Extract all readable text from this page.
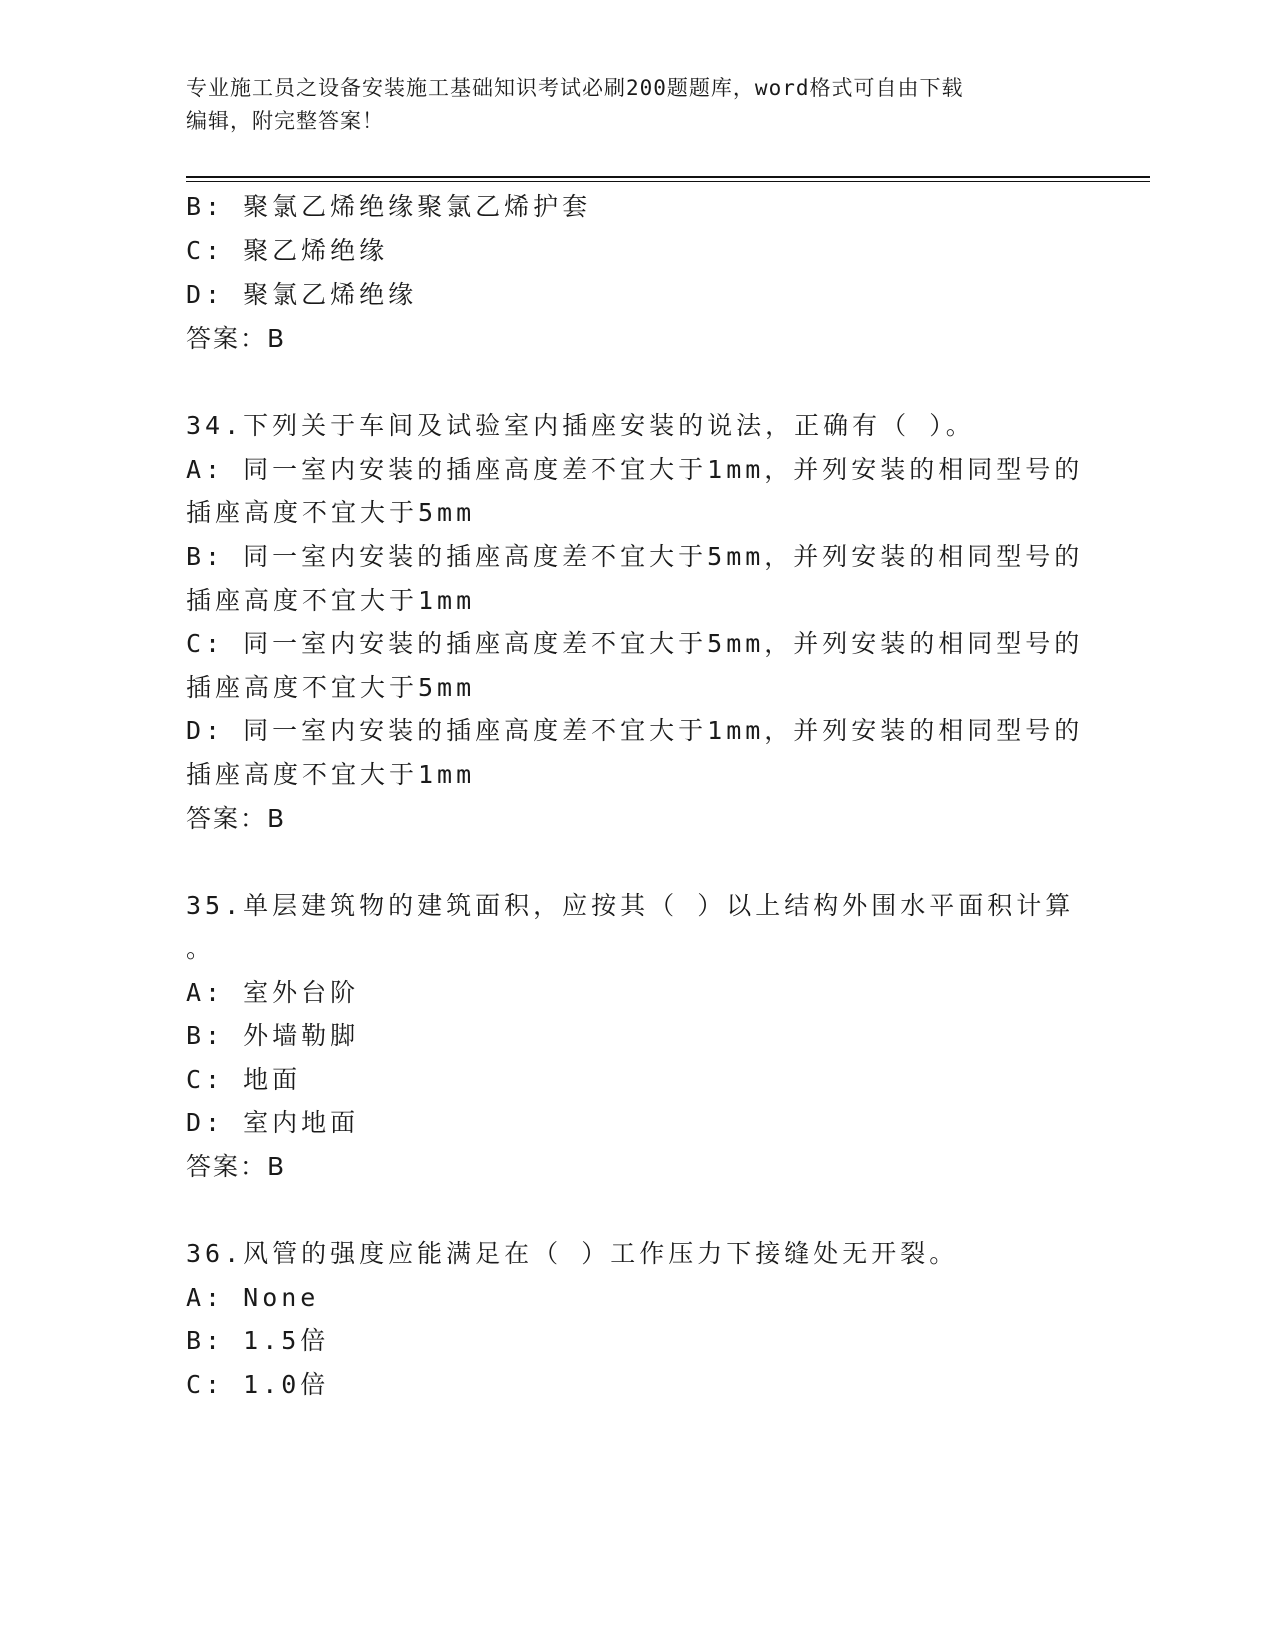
专业施工员之设备安装施工基础知识考试必刷200题题库，word格式可自由下载
编辑，附完整答案！
B: 聚氯乙烯绝缘聚氯乙烯护套
C: 聚乙烯绝缘
D: 聚氯乙烯绝缘
答案：B
34.下列关于车间及试验室内插座安装的说法，正确有（ ）。
A: 同一室内安装的插座高度差不宜大于1mm，并列安装的相同型号的
插座高度不宜大于5mm
B: 同一室内安装的插座高度差不宜大于5mm，并列安装的相同型号的
插座高度不宜大于1mm
C: 同一室内安装的插座高度差不宜大于5mm，并列安装的相同型号的
插座高度不宜大于5mm
D: 同一室内安装的插座高度差不宜大于1mm，并列安装的相同型号的
插座高度不宜大于1mm
答案：B
35.单层建筑物的建筑面积，应按其（ ）以上结构外围水平面积计算
。
A: 室外台阶
B: 外墙勒脚
C: 地面
D: 室内地面
答案：B
36.风管的强度应能满足在（ ）工作压力下接缝处无开裂。
A: None
B: 1.5倍
C: 1.0倍
